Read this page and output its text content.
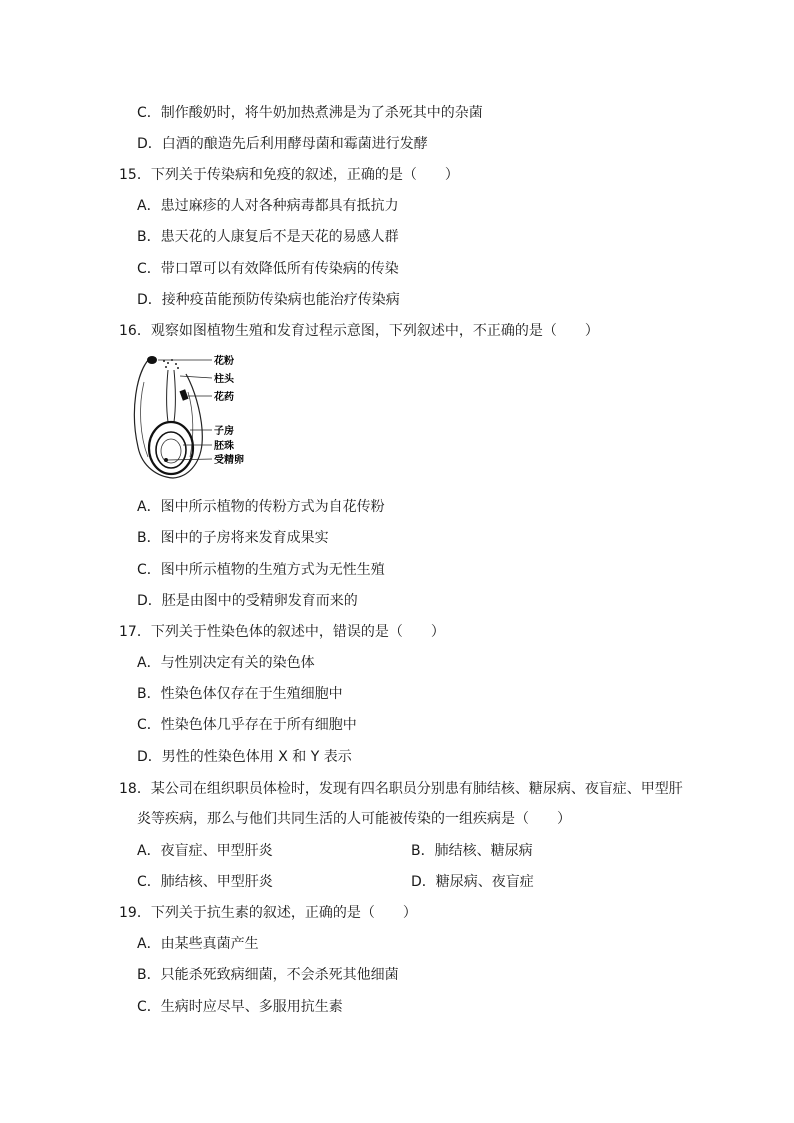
C．制作酸奶时，将牛奶加热煮沸是为了杀死其中的杂菌
D．白酒的酿造先后利用酵母菌和霉菌进行发酵
15．下列关于传染病和免疫的叙述，正确的是（　　）
A．患过麻疹的人对各种病毒都具有抵抗力
B．患天花的人康复后不是天花的易感人群
C．带口罩可以有效降低所有传染病的传染
D．接种疫苗能预防传染病也能治疗传染病
16．观察如图植物生殖和发育过程示意图，下列叙述中，不正确的是（　　）
花粉
柱头
花药
子房
胚珠
受精卵
A．图中所示植物的传粉方式为自花传粉
B．图中的子房将来发育成果实
C．图中所示植物的生殖方式为无性生殖
D．胚是由图中的受精卵发育而来的
17．下列关于性染色体的叙述中，错误的是（　　）
A．与性别决定有关的染色体
B．性染色体仅存在于生殖细胞中
C．性染色体几乎存在于所有细胞中
D．男性的性染色体用 X 和 Y 表示
18．某公司在组织职员体检时，发现有四名职员分别患有肺结核、糖尿病、夜盲症、甲型肝
炎等疾病，那么与他们共同生活的人可能被传染的一组疾病是（　　）
A．夜盲症、甲型肝炎	B．肺结核、糖尿病
C．肺结核、甲型肝炎	D．糖尿病、夜盲症
19．下列关于抗生素的叙述，正确的是（　　）
A．由某些真菌产生
B．只能杀死致病细菌，不会杀死其他细菌
C．生病时应尽早、多服用抗生素
